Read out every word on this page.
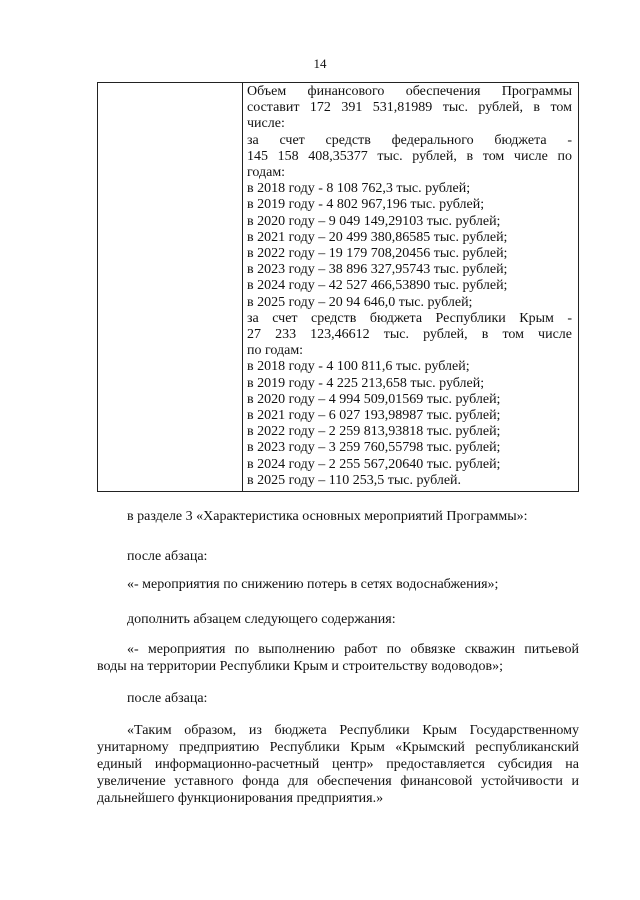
14
Объем финансового обеспечения Программы
составит 172 391 531,81989 тыс. рублей, в том
числе:
за счет средств федерального бюджета -
145 158 408,35377 тыс. рублей, в том числе по
годам:
в 2018 году - 8 108 762,3 тыс. рублей;
в 2019 году - 4 802 967,196 тыс. рублей;
в 2020 году – 9 049 149,29103 тыс. рублей;
в 2021 году – 20 499 380,86585 тыс. рублей;
в 2022 году – 19 179 708,20456 тыс. рублей;
в 2023 году – 38 896 327,95743 тыс. рублей;
в 2024 году – 42 527 466,53890 тыс. рублей;
в 2025 году – 20 94 646,0 тыс. рублей;
за счет средств бюджета Республики Крым -
27 233 123,46612 тыс. рублей, в том числе
по годам:
в 2018 году - 4 100 811,6 тыс. рублей;
в 2019 году - 4 225 213,658 тыс. рублей;
в 2020 году – 4 994 509,01569 тыс. рублей;
в 2021 году – 6 027 193,98987 тыс. рублей;
в 2022 году – 2 259 813,93818 тыс. рублей;
в 2023 году – 3 259 760,55798 тыс. рублей;
в 2024 году – 2 255 567,20640 тыс. рублей;
в 2025 году – 110 253,5 тыс. рублей.
в разделе 3 «Характеристика основных мероприятий Программы»:
после абзаца:
«- мероприятия по снижению потерь в сетях водоснабжения»;
дополнить абзацем следующего содержания:
«- мероприятия по выполнению работ по обвязке скважин питьевой
воды на территории Республики Крым и строительству водоводов»;
после абзаца:
«Таким образом, из бюджета Республики Крым Государственному
унитарному предприятию Республики Крым «Крымский республиканский
единый информационно-расчетный центр» предоставляется субсидия на
увеличение уставного фонда для обеспечения финансовой устойчивости и
дальнейшего функционирования предприятия.»
